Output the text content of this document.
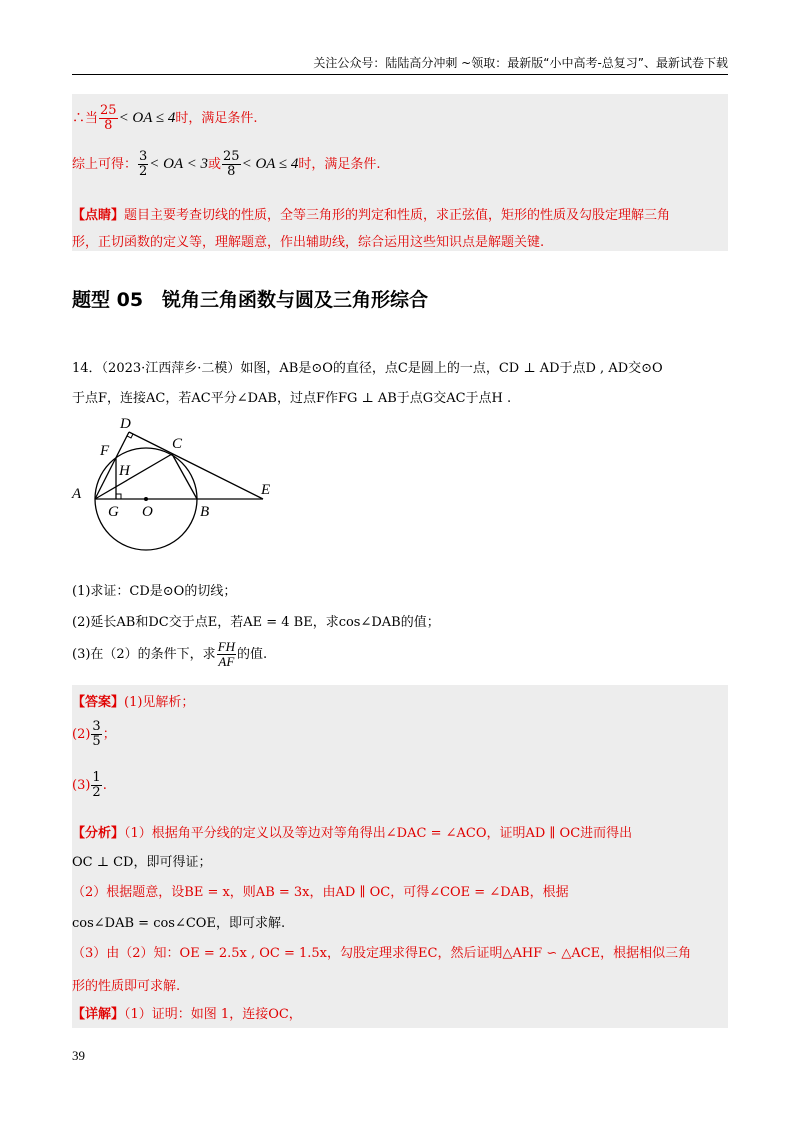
关注公众号：陆陆高分冲刺 ~领取：最新版“小中高考-总复习”、最新试卷下载
∴当 $\frac{25}{8}$ < OA ≤ 4时，满足条件.
综上可得： $\frac{3}{2}$ < OA < 3或 $\frac{25}{8}$ < OA ≤ 4时，满足条件.
【点睛】题目主要考查切线的性质，全等三角形的判定和性质，求正弦值，矩形的性质及勾股定理解三角
形，正切函数的定义等，理解题意，作出辅助线，综合运用这些知识点是解题关键.
题型 05　锐角三角函数与圆及三角形综合
14．（2023·江西萍乡·二模）如图，AB是⊙O的直径，点C是圆上的一点，CD ⊥ AD于点D , AD交⊙O
于点F，连接AC，若AC平分∠DAB，过点F作FG ⊥ AB于点G交AC于点H .
D
F	C
H
A
G O	B
E
(1)求证：CD是⊙O的切线；
(2)延长AB和DC交于点E，若AE = 4 BE，求cos∠DAB的值；
(3)在（2）的条件下，求 $\frac{FH}{AF}$ 的值.
【答案】(1)见解析；
$(2) \frac{3}{5}$ ；
$(3) \frac{1}{2}$ .
【分析】（1）根据角平分线的定义以及等边对等角得出∠DAC = ∠ACO，证明AD ∥ OC进而得出
OC ⊥ CD，即可得证；
（2）根据题意，设BE = x，则AB = 3x，由AD ∥ OC，可得∠COE = ∠DAB，根据
cos∠DAB = cos∠COE，即可求解.
（3）由（2）知：OE = 2.5x , OC = 1.5x，勾股定理求得EC，然后证明△AHF ∽ △ACE，根据相似三角
形的性质即可求解.
【详解】（1）证明：如图 1，连接OC，
39
